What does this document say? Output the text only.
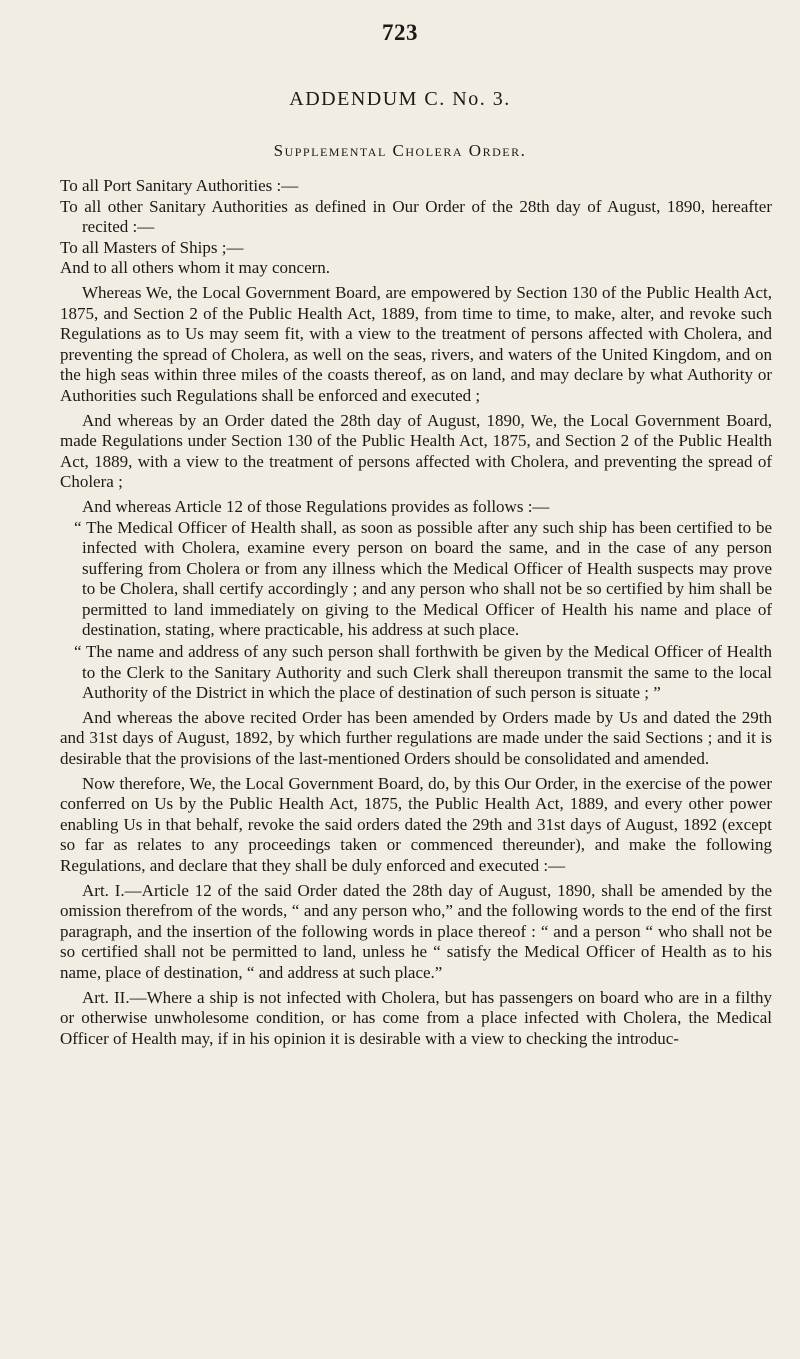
723
ADDENDUM C. No. 3.
Supplemental Cholera Order.

To all Port Sanitary Authorities :—

To all other Sanitary Authorities as defined in Our Order of the 28th day of August, 1890, hereafter recited :—

To all Masters of Ships ;—

And to all others whom it may concern.

Whereas We, the Local Government Board, are empowered by Section 130 of the Public Health Act, 1875, and Section 2 of the Public Health Act, 1889, from time to time, to make, alter, and revoke such Regulations as to Us may seem fit, with a view to the treatment of persons affected with Cholera, and preventing the spread of Cholera, as well on the seas, rivers, and waters of the United Kingdom, and on the high seas within three miles of the coasts thereof, as on land, and may declare by what Authority or Authorities such Regulations shall be enforced and executed ;

And whereas by an Order dated the 28th day of August, 1890, We, the Local Government Board, made Regulations under Section 130 of the Public Health Act, 1875, and Section 2 of the Public Health Act, 1889, with a view to the treatment of persons affected with Cholera, and preventing the spread of Cholera ;

And whereas Article 12 of those Regulations provides as follows :—

“ The Medical Officer of Health shall, as soon as possible after any such ship has been certified to be infected with Cholera, examine every person on board the same, and in the case of any person suffering from Cholera or from any illness which the Medical Officer of Health suspects may prove to be Cholera, shall certify accordingly ; and any person who shall not be so certified by him shall be permitted to land immediately on giving to the Medical Officer of Health his name and place of destination, stating, where practicable, his address at such place.

“ The name and address of any such person shall forthwith be given by the Medical Officer of Health to the Clerk to the Sanitary Authority and such Clerk shall thereupon transmit the same to the local Authority of the District in which the place of destination of such person is situate ; ”

And whereas the above recited Order has been amended by Orders made by Us and dated the 29th and 31st days of August, 1892, by which further regulations are made under the said Sections ; and it is desirable that the provisions of the last-mentioned Orders should be consolidated and amended.

Now therefore, We, the Local Government Board, do, by this Our Order, in the exercise of the power conferred on Us by the Public Health Act, 1875, the Public Health Act, 1889, and every other power enabling Us in that behalf, revoke the said orders dated the 29th and 31st days of August, 1892 (except so far as relates to any proceedings taken or commenced thereunder), and make the following Regulations, and declare that they shall be duly enforced and executed :—

Art. I.—Article 12 of the said Order dated the 28th day of August, 1890, shall be amended by the omission therefrom of the words, “ and any person who,” and the following words to the end of the first paragraph, and the insertion of the following words in place thereof : “ and a person “ who shall not be so certified shall not be permitted to land, unless he “ satisfy the Medical Officer of Health as to his name, place of destination, “ and address at such place.”

Art. II.—Where a ship is not infected with Cholera, but has passengers on board who are in a filthy or otherwise unwholesome condition, or has come from a place infected with Cholera, the Medical Officer of Health may, if in his opinion it is desirable with a view to checking the introduc-
